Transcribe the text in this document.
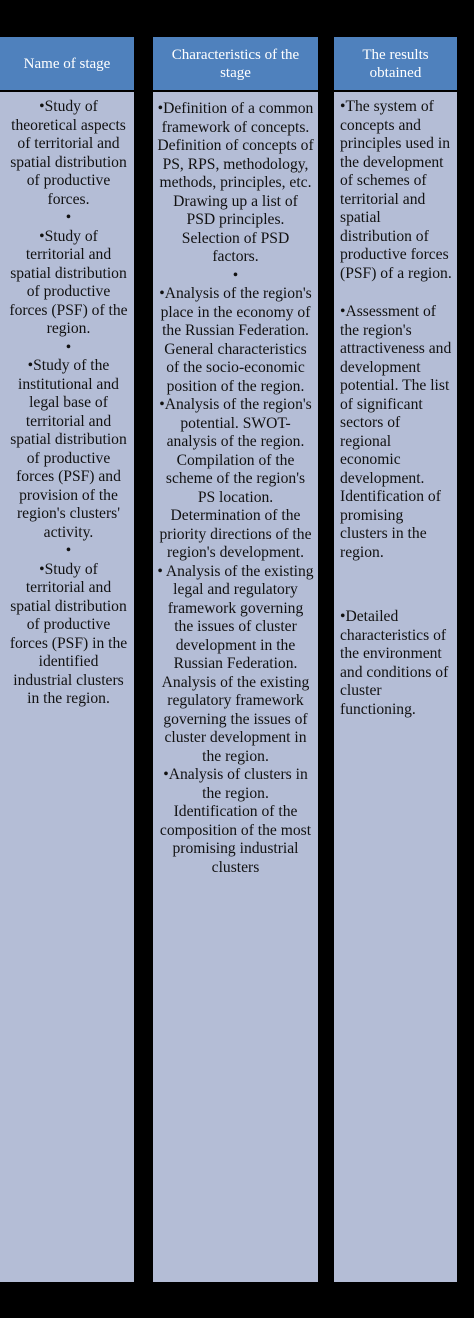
Name of stage
•Study of theoretical aspects of territorial and spatial distribution of productive forces.
•
•Study of territorial and spatial distribution of productive forces (PSF) of the region.
•
•Study of the institutional and legal base of territorial and spatial distribution of productive forces (PSF) and provision of the region's clusters' activity.
•
•Study of territorial and spatial distribution of productive forces (PSF) in the identified industrial clusters in the region.
Characteristics of the stage
•Definition of a common framework of concepts.
Definition of concepts of PS, RPS, methodology, methods, principles, etc. Drawing up a list of PSD principles.
Selection of PSD factors.
•
•Analysis of the region's place in the economy of the Russian Federation.
General characteristics of the socio-economic position of the region.
•Analysis of the region's potential. SWOT-analysis of the region.
Compilation of the scheme of the region's PS location.
Determination of the priority directions of the region's development.
• Analysis of the existing legal and regulatory framework governing the issues of cluster development in the Russian Federation.
Analysis of the existing regulatory framework governing the issues of cluster development in the region.
•Analysis of clusters in the region.
Identification of the composition of the most promising industrial clusters
The results obtained
•The system of concepts and principles used in the development of schemes of territorial and spatial distribution of productive forces (PSF) of a region.
•Assessment of the region's attractiveness and development potential. The list of significant sectors of regional economic development. Identification of promising clusters in the region.
•Detailed characteristics of the environment and conditions of cluster functioning.
